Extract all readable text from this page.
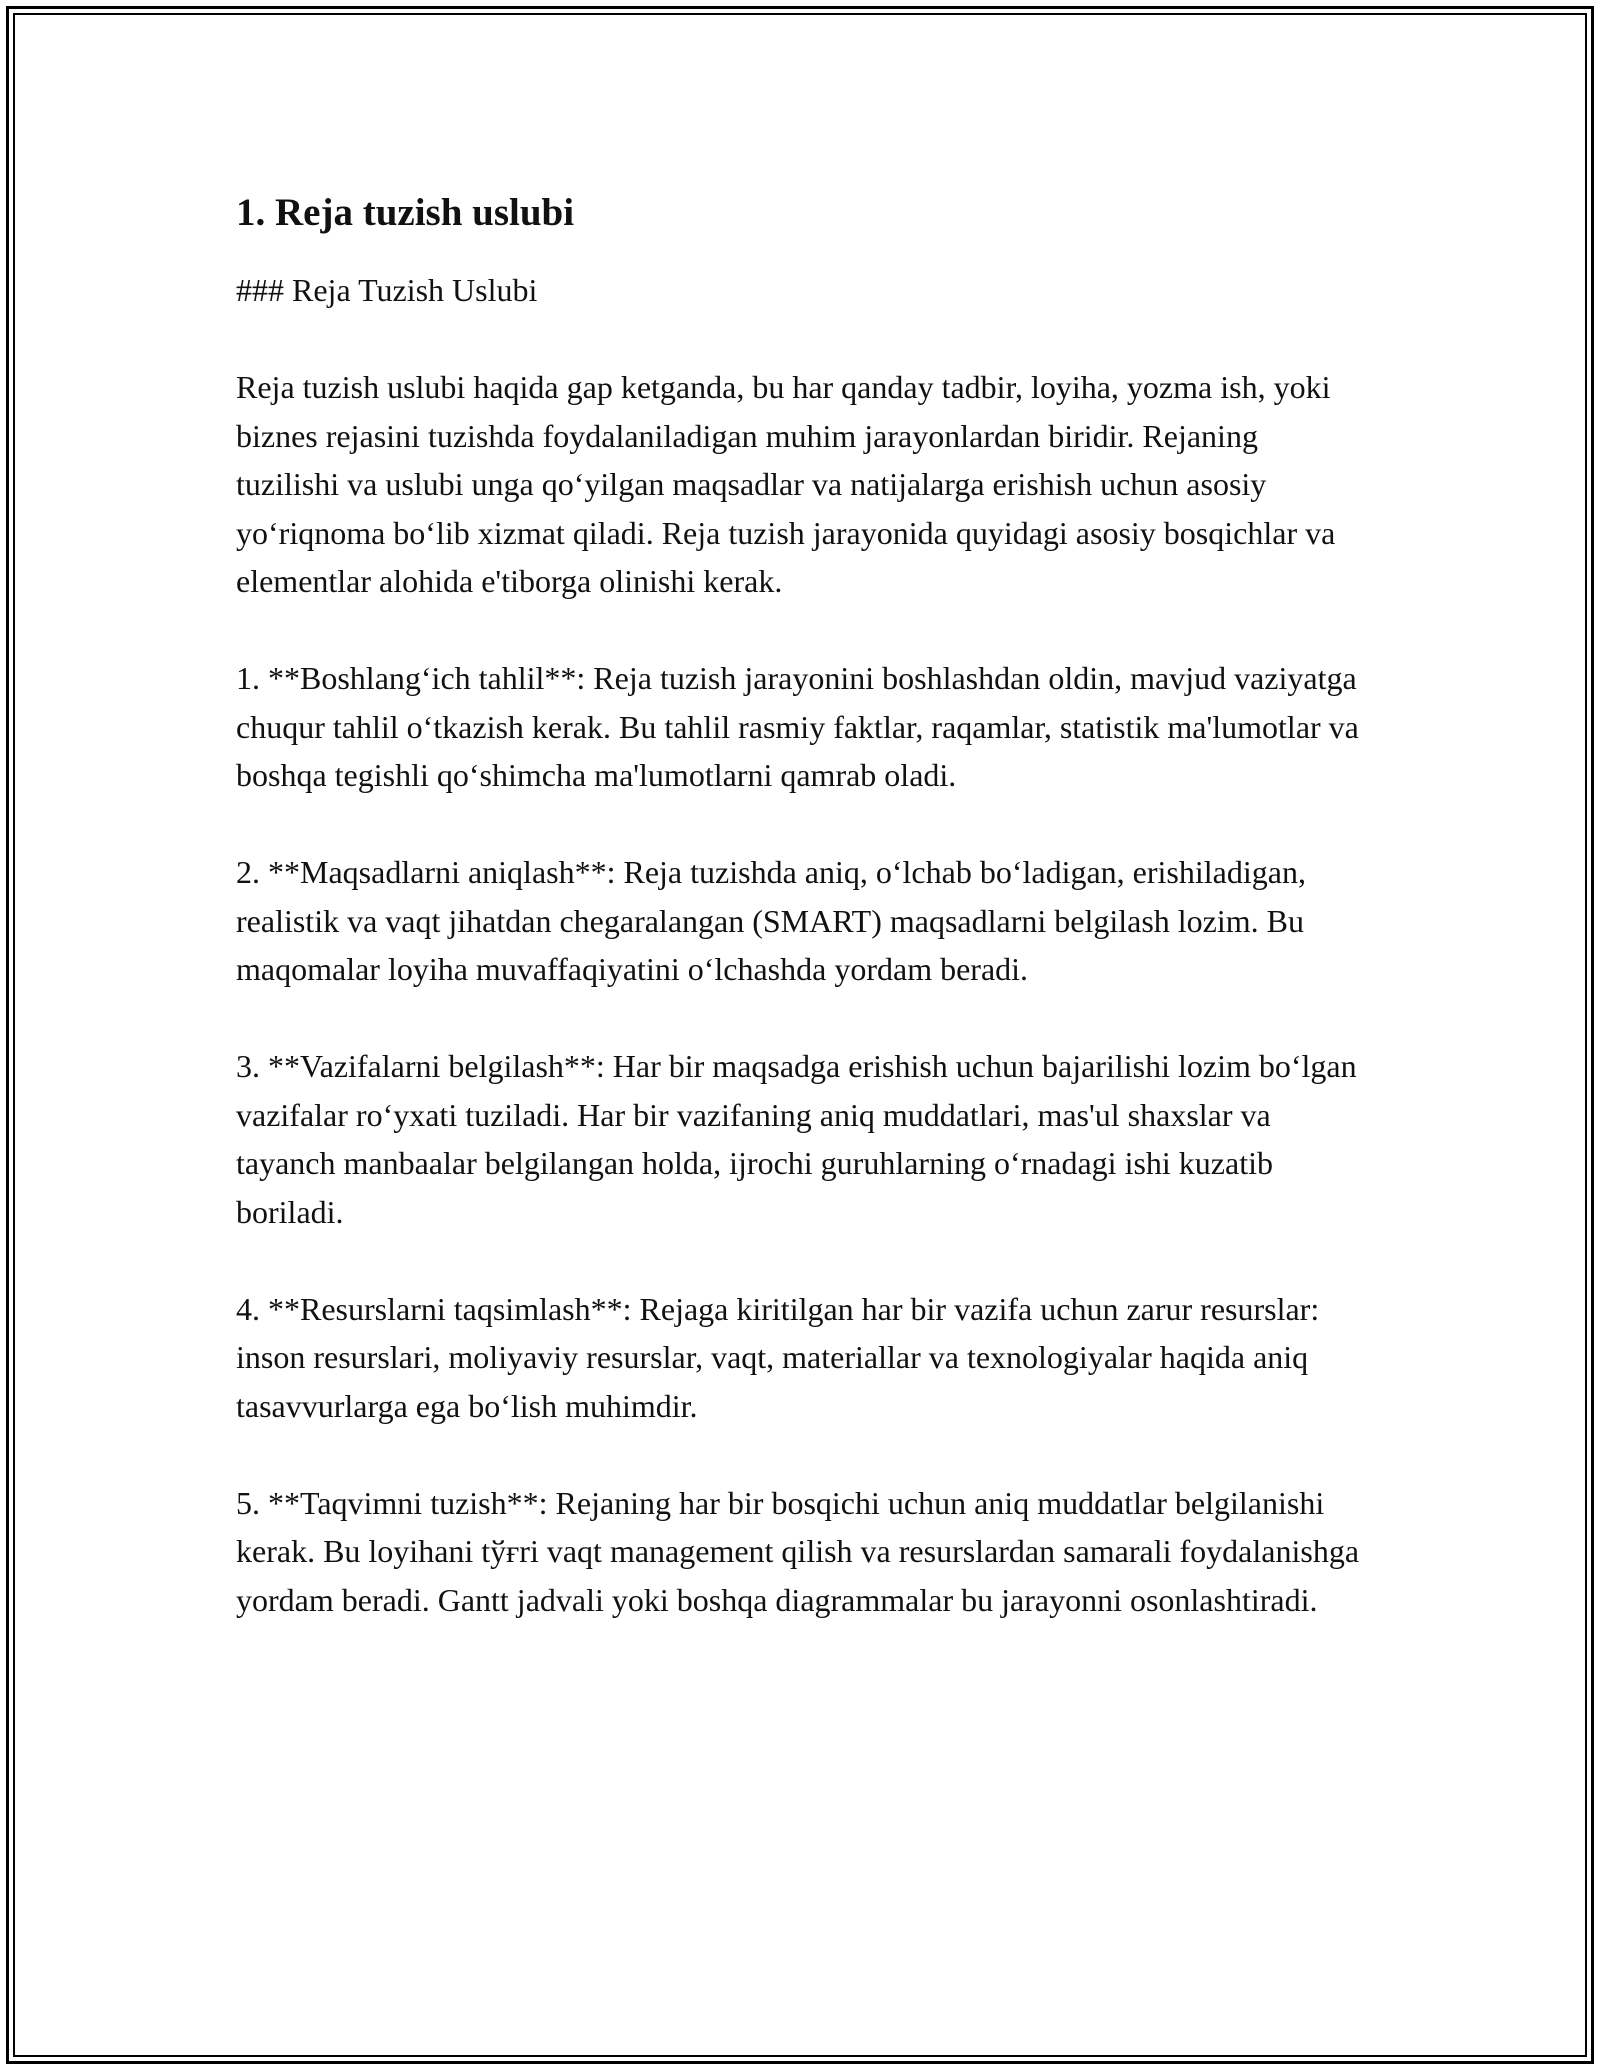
1. Reja tuzish uslubi

### Reja Tuzish Uslubi

Reja tuzish uslubi haqida gap ketganda, bu har qanday tadbir, loyiha, yozma ish, yoki biznes rejasini tuzishda foydalaniladigan muhim jarayonlardan biridir. Rejaning tuzilishi va uslubi unga qo‘yilgan maqsadlar va natijalarga erishish uchun asosiy yo‘riqnoma bo‘lib xizmat qiladi. Reja tuzish jarayonida quyidagi asosiy bosqichlar va elementlar alohida e'tiborga olinishi kerak.

1. **Boshlang‘ich tahlil**: Reja tuzish jarayonini boshlashdan oldin, mavjud vaziyatga chuqur tahlil o‘tkazish kerak. Bu tahlil rasmiy faktlar, raqamlar, statistik ma'lumotlar va boshqa tegishli qo‘shimcha ma'lumotlarni qamrab oladi.

2. **Maqsadlarni aniqlash**: Reja tuzishda aniq, o‘lchab bo‘ladigan, erishiladigan, realistik va vaqt jihatdan chegaralangan (SMART) maqsadlarni belgilash lozim. Bu maqomalar loyiha muvaffaqiyatini o‘lchashda yordam beradi.

3. **Vazifalarni belgilash**: Har bir maqsadga erishish uchun bajarilishi lozim bo‘lgan vazifalar ro‘yxati tuziladi. Har bir vazifaning aniq muddatlari, mas'ul shaxslar va tayanch manbaalar belgilangan holda, ijrochi guruhlarning o‘rnadagi ishi kuzatib boriladi.

4. **Resurslarni taqsimlash**: Rejaga kiritilgan har bir vazifa uchun zarur resurslar: inson resurslari, moliyaviy resurslar, vaqt, materiallar va texnologiyalar haqida aniq tasavvurlarga ega bo‘lish muhimdir.

5. **Taqvimni tuzish**: Rejaning har bir bosqichi uchun aniq muddatlar belgilanishi kerak. Bu loyihani tўғri vaqt management qilish va resurslardan samarali foydalanishga yordam beradi. Gantt jadvali yoki boshqa diagrammalar bu jarayonni osonlashtiradi.
